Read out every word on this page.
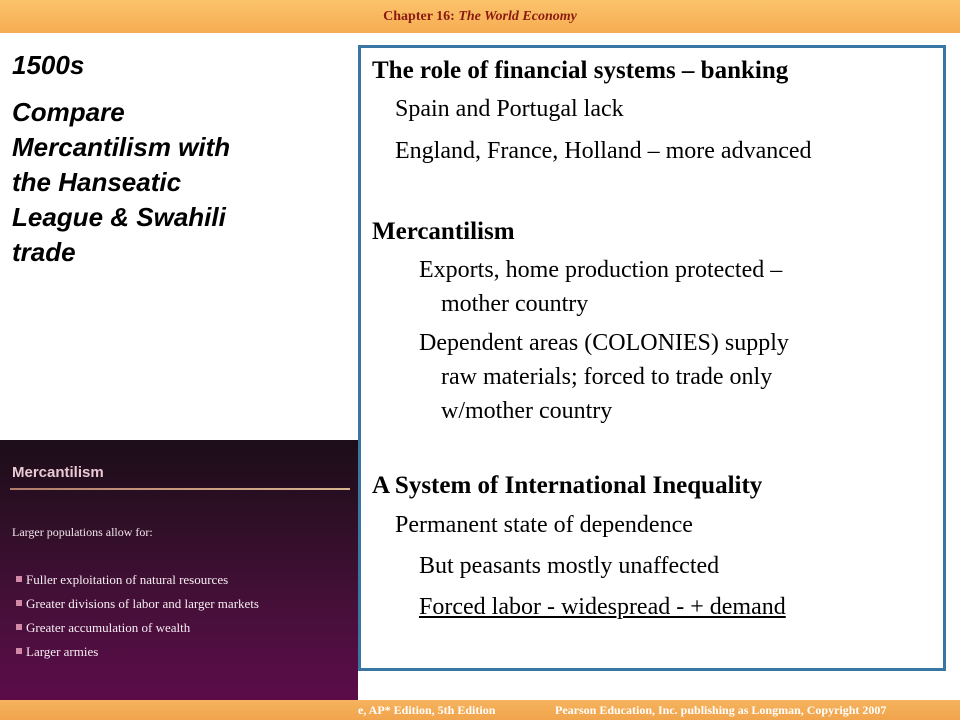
Chapter 16: The World Economy
1500s
Compare
Mercantilism with
the Hanseatic
League & Swahili
trade
Mercantilism
Larger populations allow for:
Fuller exploitation of natural resources
Greater divisions of labor and larger markets
Greater accumulation of wealth
Larger armies
The role of financial systems – banking
Spain and Portugal lack
England, France, Holland – more advanced
Mercantilism
Exports, home production protected –
mother country
Dependent areas (COLONIES) supply
raw materials; forced to trade only
w/mother country
A System of International Inequality
Permanent state of dependence
But peasants mostly unaffected
Forced labor - widespread - + demand
e, AP* Edition, 5th Edition	Pearson Education, Inc. publishing as Longman, Copyright 2007
